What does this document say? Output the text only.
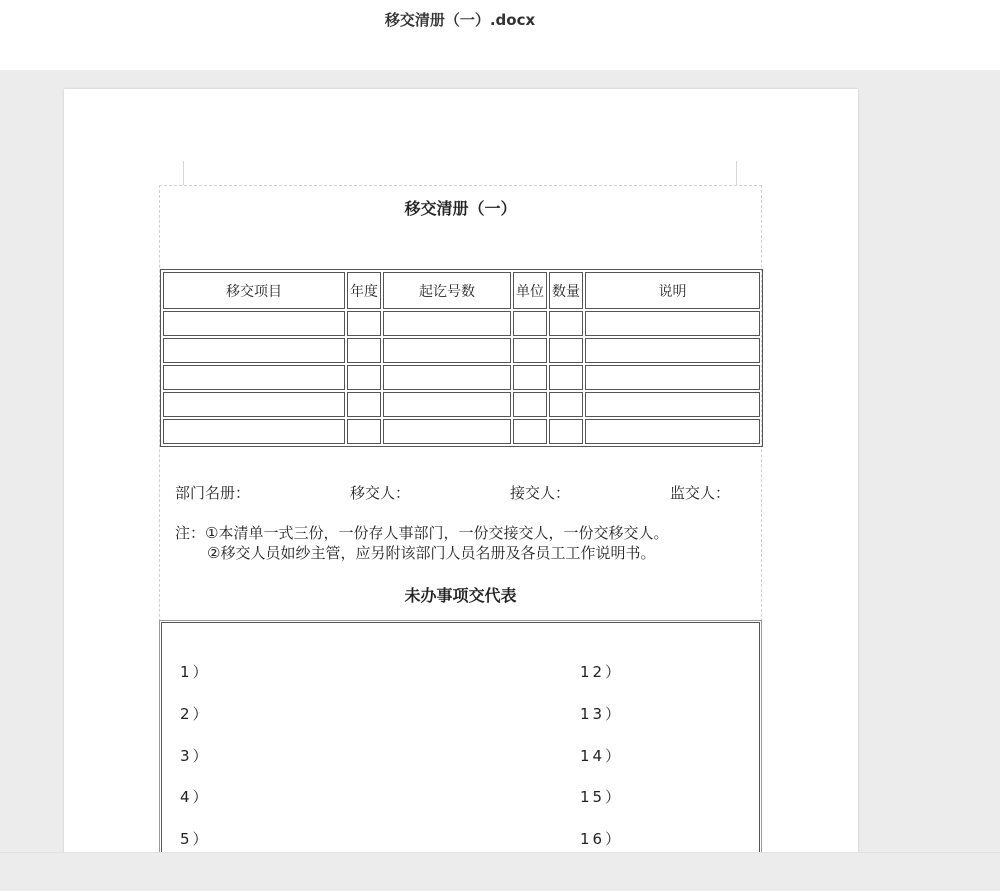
移交清册（一）.docx
移交清册（一）
移交项目	年度	起讫号数	单位	数量	说明

部门名册：	移交人：	接交人：	监交人：
注：①本清单一式三份，一份存人事部门，一份交接交人，一份交移交人。
②移交人员如纱主管，应另附该部门人员名册及各员工工作说明书。
未办事项交代表
1）	12）
2）	13）
3）	14）
4）	15）
5）	16）
